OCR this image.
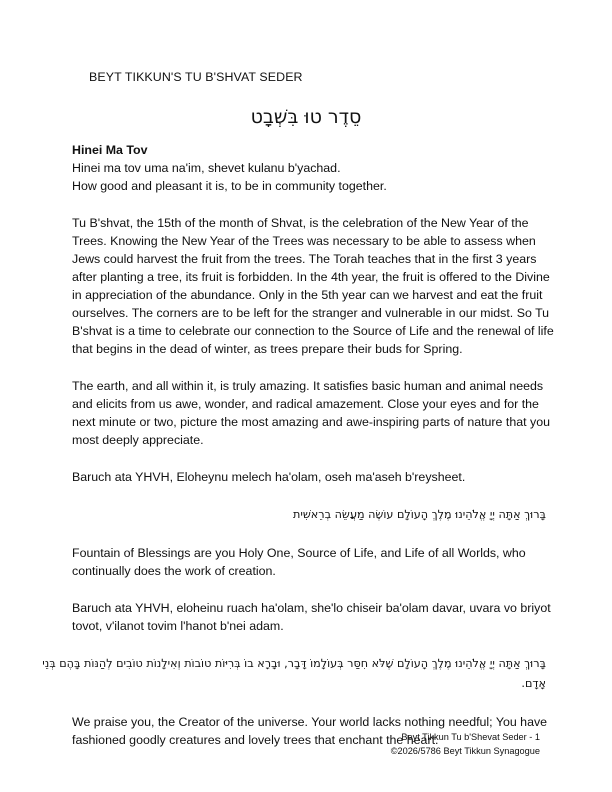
BEYT TIKKUN'S TU B'SHVAT SEDER
סֵדֶר טוּ בִּשְׁבָט

Hinei Ma Tov
Hinei ma tov uma na'im, shevet kulanu b'yachad.
How good and pleasant it is, to be in community together.

Tu B'shvat, the 15th of the month of Shvat, is the celebration of the New Year of the
Trees. Knowing the New Year of the Trees was necessary to be able to assess when
Jews could harvest the fruit from the trees. The Torah teaches that in the first 3 years
after planting a tree, its fruit is forbidden. In the 4th year, the fruit is offered to the Divine
in appreciation of the abundance. Only in the 5th year can we harvest and eat the fruit
ourselves. The corners are to be left for the stranger and vulnerable in our midst. So Tu
B'shvat is a time to celebrate our connection to the Source of Life and the renewal of life
that begins in the dead of winter, as trees prepare their buds for Spring.

The earth, and all within it, is truly amazing. It satisfies basic human and animal needs
and elicits from us awe, wonder, and radical amazement. Close your eyes and for the
next minute or two, picture the most amazing and awe-inspiring parts of nature that you
most deeply appreciate.

Baruch ata YHVH, Eloheynu melech ha'olam, oseh ma'aseh b'reysheet.

בָּרוּךְ אַתָּה ‏‏יְיָ אֱלֹהֵינוּ מֶלֶךְ הָעוֹלָם עוֹשֶׂה מַעֲשֵׂה בְרֵאשִׁית

Fountain of Blessings are you Holy One, Source of Life, and Life of all Worlds, who
continually does the work of creation.

Baruch ata YHVH, eloheinu ruach ha'olam, she'lo chiseir ba'olam davar, uvara vo briyot
tovot, v'ilanot tovim l'hanot b'nei adam.

בָּרוּךְ אַתָּה ‏‏יְיָ אֱלֹהֵינוּ מֶלֶךְ הָעוֹלָם שֶׁלֹּא חִסַּר בְּעוֹלָמוֹ דָּבָר, וּבָרָא בוֹ בְּרִיּוֹת טוֹבוֹת וְאִילָנוֹת טוֹבִים לְהַנּוֹת בָּהֶם בְּנֵי
אָדָם.

We praise you, the Creator of the universe. Your world lacks nothing needful; You have
fashioned goodly creatures and lovely trees that enchant the heart.

Beyt Tikkun Tu b'Shevat Seder - 1
©2026/5786 Beyt Tikkun Synagogue
